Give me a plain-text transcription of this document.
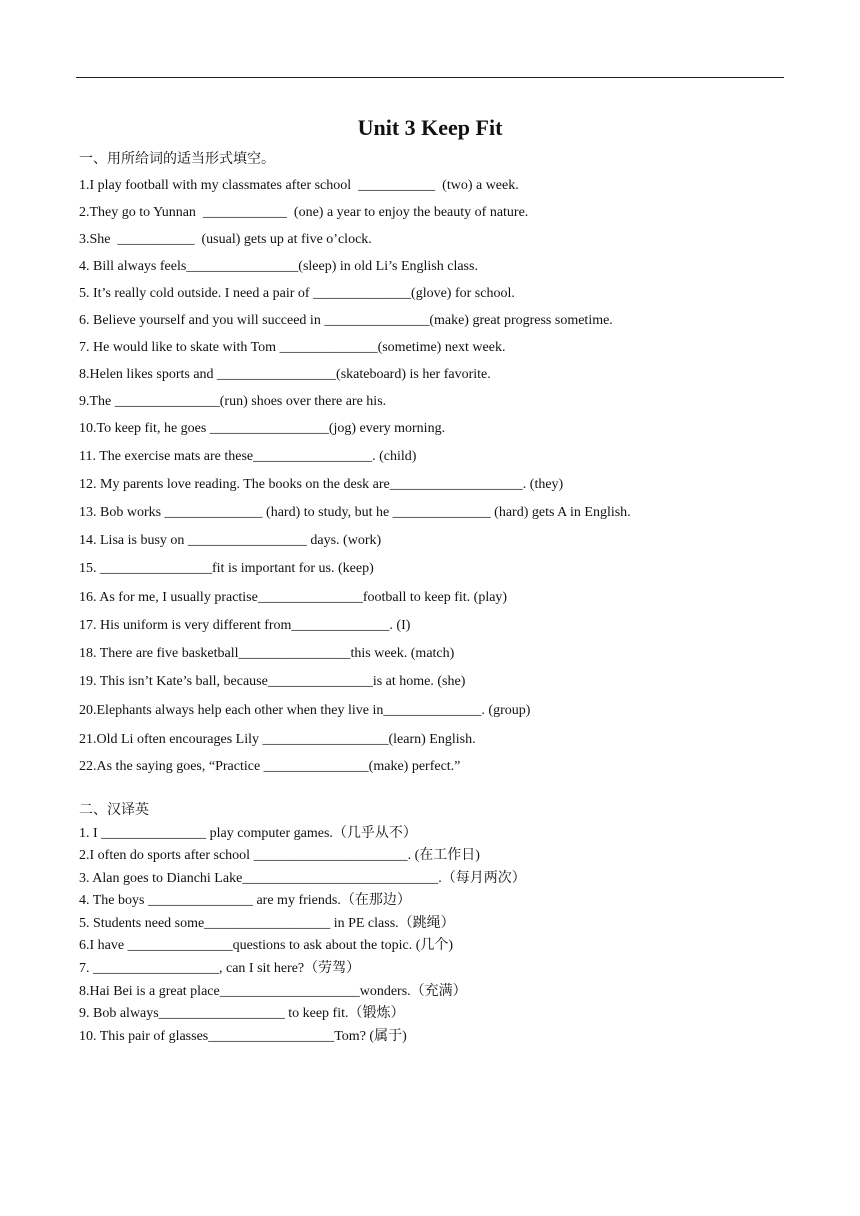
Unit 3 Keep Fit
一、用所给词的适当形式填空。
1.I play football with my classmates after school  ___________  (two) a week.
2.They go to Yunnan  ____________  (one) a year to enjoy the beauty of nature.
3.She  ___________  (usual) gets up at five o’clock.
4. Bill always feels________________(sleep) in old Li’s English class.
5. It’s really cold outside. I need a pair of ______________(glove) for school.
6. Believe yourself and you will succeed in _______________(make) great progress sometime.
7. He would like to skate with Tom ______________(sometime) next week.
8.Helen likes sports and _________________(skateboard) is her favorite.
9.The _______________(run) shoes over there are his.
10.To keep fit, he goes _________________(jog) every morning.
11. The exercise mats are these_________________. (child)
12. My parents love reading. The books on the desk are___________________. (they)
13. Bob works ______________ (hard) to study, but he ______________ (hard) gets A in English.
14. Lisa is busy on _________________ days. (work)
15. ________________fit is important for us. (keep)
16. As for me, I usually practise_______________football to keep fit. (play)
17. His uniform is very different from______________. (I)
18. There are five basketball________________this week. (match)
19. This isn’t Kate’s ball, because_______________is at home. (she)
20.Elephants always help each other when they live in______________. (group)
21.Old Li often encourages Lily __________________(learn) English.
22.As the saying goes, “Practice _______________(make) perfect.”
二、汉译英
1. I _______________ play computer games.（几乎从不）
2.I often do sports after school ______________________. (在工作日)
3. Alan goes to Dianchi Lake____________________________.（每月两次）
4. The boys _______________ are my friends.（在那边）
5. Students need some__________________ in PE class.（跳绳）
6.I have _______________questions to ask about the topic. (几个)
7. __________________, can I sit here?（劳驾）
8.Hai Bei is a great place____________________wonders.（充满）
9. Bob always__________________ to keep fit.（锻炼）
10. This pair of glasses__________________Tom? (属于)
